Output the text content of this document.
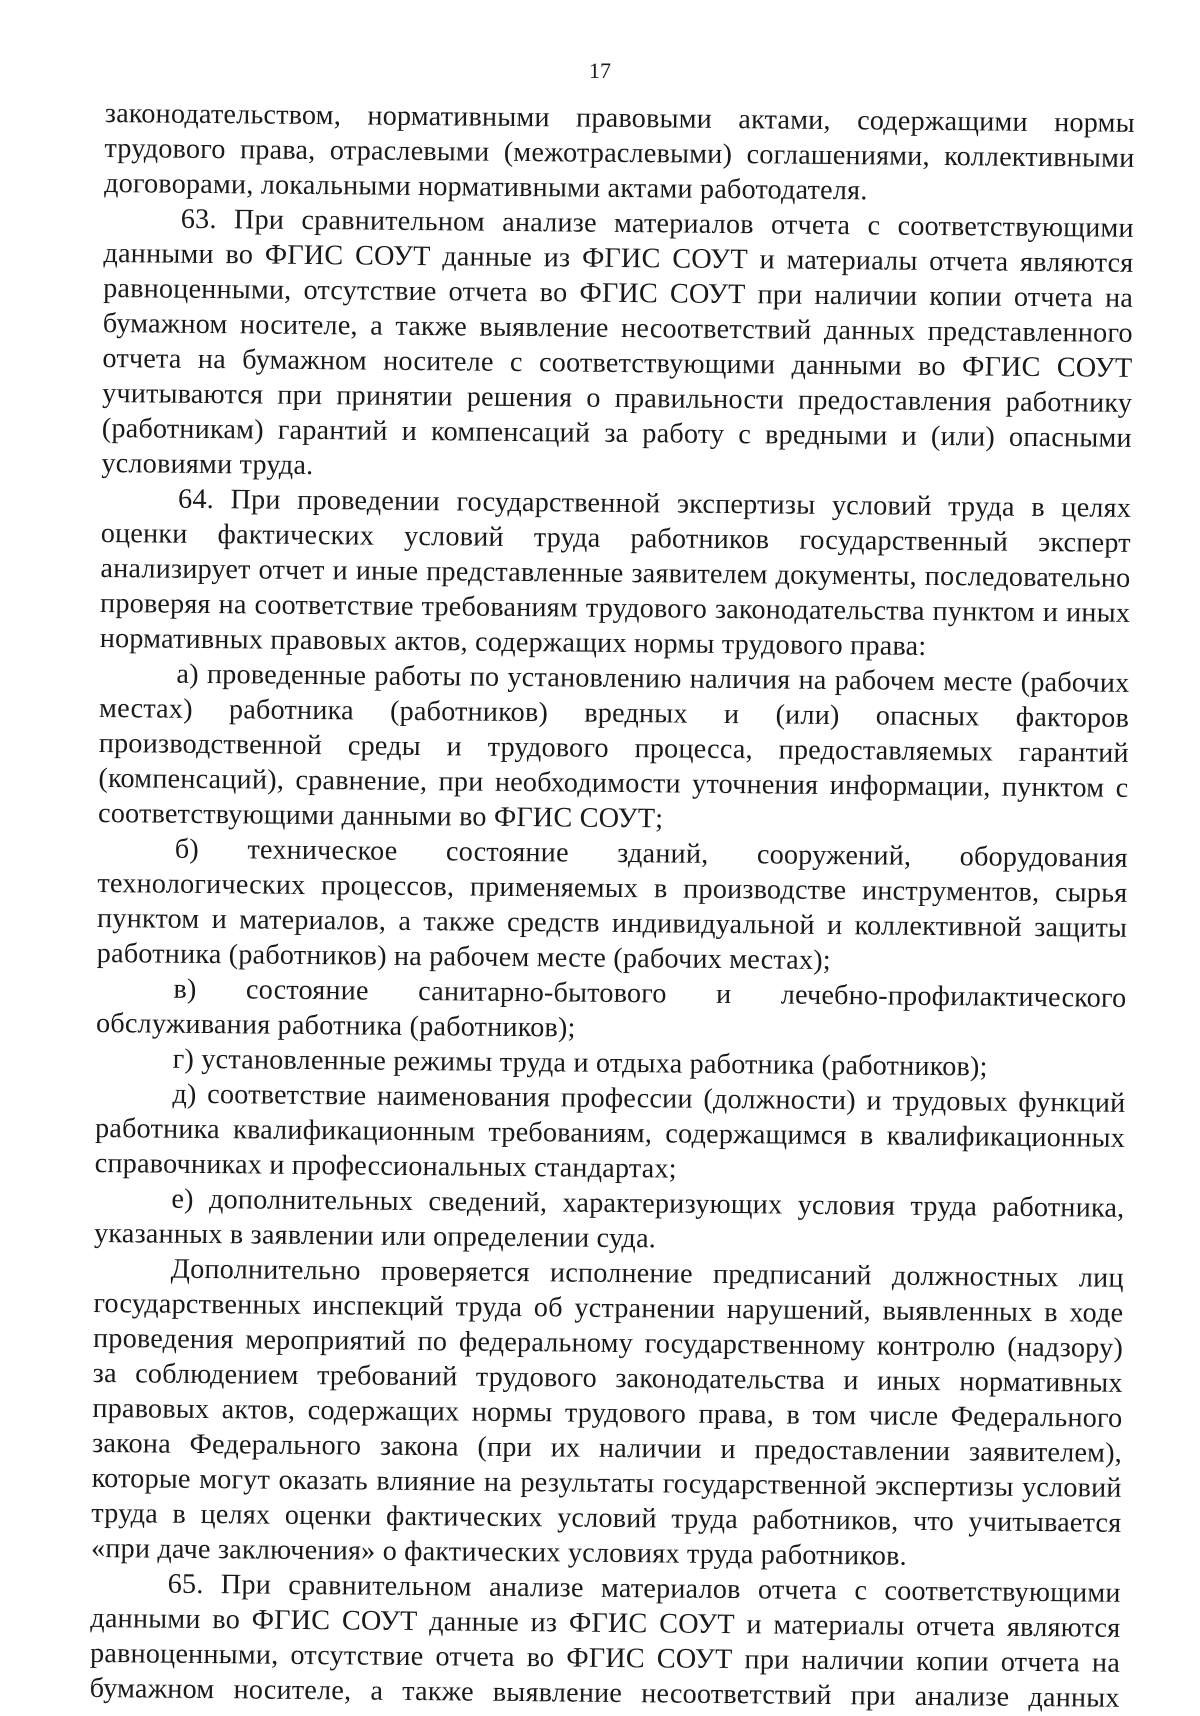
17

законодательством, нормативными правовыми актами, содержащими нормы трудового права, отраслевыми (межотраслевыми) соглашениями, коллективными договорами, локальными нормативными актами работодателя.

63. При сравнительном анализе материалов отчета с соответствующими данными во ФГИС СОУТ данные из ФГИС СОУТ и материалы отчета являются равноценными, отсутствие отчета во ФГИС СОУТ при наличии копии отчета на бумажном носителе, а также выявление несоответствий данных представленного отчета на бумажном носителе с соответствующими данными во ФГИС СОУТ учитываются при принятии решения о правильности предоставления работнику (работникам) гарантий и компенсаций за работу с вредными и (или) опасными условиями труда.

64. При проведении государственной экспертизы условий труда в целях оценки фактических условий труда работников государственный эксперт анализирует отчет и иные представленные заявителем документы, последовательно проверяя на соответствие требованиям трудового законодательства пунктом и иных нормативных правовых актов, содержащих нормы трудового права:

а) проведенные работы по установлению наличия на рабочем месте (рабочих местах) работника (работников) вредных и (или) опасных факторов производственной среды и трудового процесса, предоставляемых гарантий (компенсаций), сравнение, при необходимости уточнения информации, пунктом с соответствующими данными во ФГИС СОУТ;

б) техническое состояние зданий, сооружений, оборудования технологических процессов, применяемых в производстве инструментов, сырья пунктом и материалов, а также средств индивидуальной и коллективной защиты работника (работников) на рабочем месте (рабочих местах);

в) состояние санитарно-бытового и лечебно-профилактического обслуживания работника (работников);

г) установленные режимы труда и отдыха работника (работников);

д) соответствие наименования профессии (должности) и трудовых функций работника квалификационным требованиям, содержащимся в квалификационных справочниках и профессиональных стандартах;

е) дополнительных сведений, характеризующих условия труда работника, указанных в заявлении или определении суда.

Дополнительно проверяется исполнение предписаний должностных лиц государственных инспекций труда об устранении нарушений, выявленных в ходе проведения мероприятий по федеральному государственному контролю (надзору) за соблюдением требований трудового законодательства и иных нормативных правовых актов, содержащих нормы трудового права, в том числе Федерального закона Федерального закона (при их наличии и предоставлении заявителем), которые могут оказать влияние на результаты государственной экспертизы условий труда в целях оценки фактических условий труда работников, что учитывается «при даче заключения» о фактических условиях труда работников.

65. При сравнительном анализе материалов отчета с соответствующими данными во ФГИС СОУТ данные из ФГИС СОУТ и материалы отчета являются равноценными, отсутствие отчета во ФГИС СОУТ при наличии копии отчета на бумажном носителе, а также выявление несоответствий при анализе данных
